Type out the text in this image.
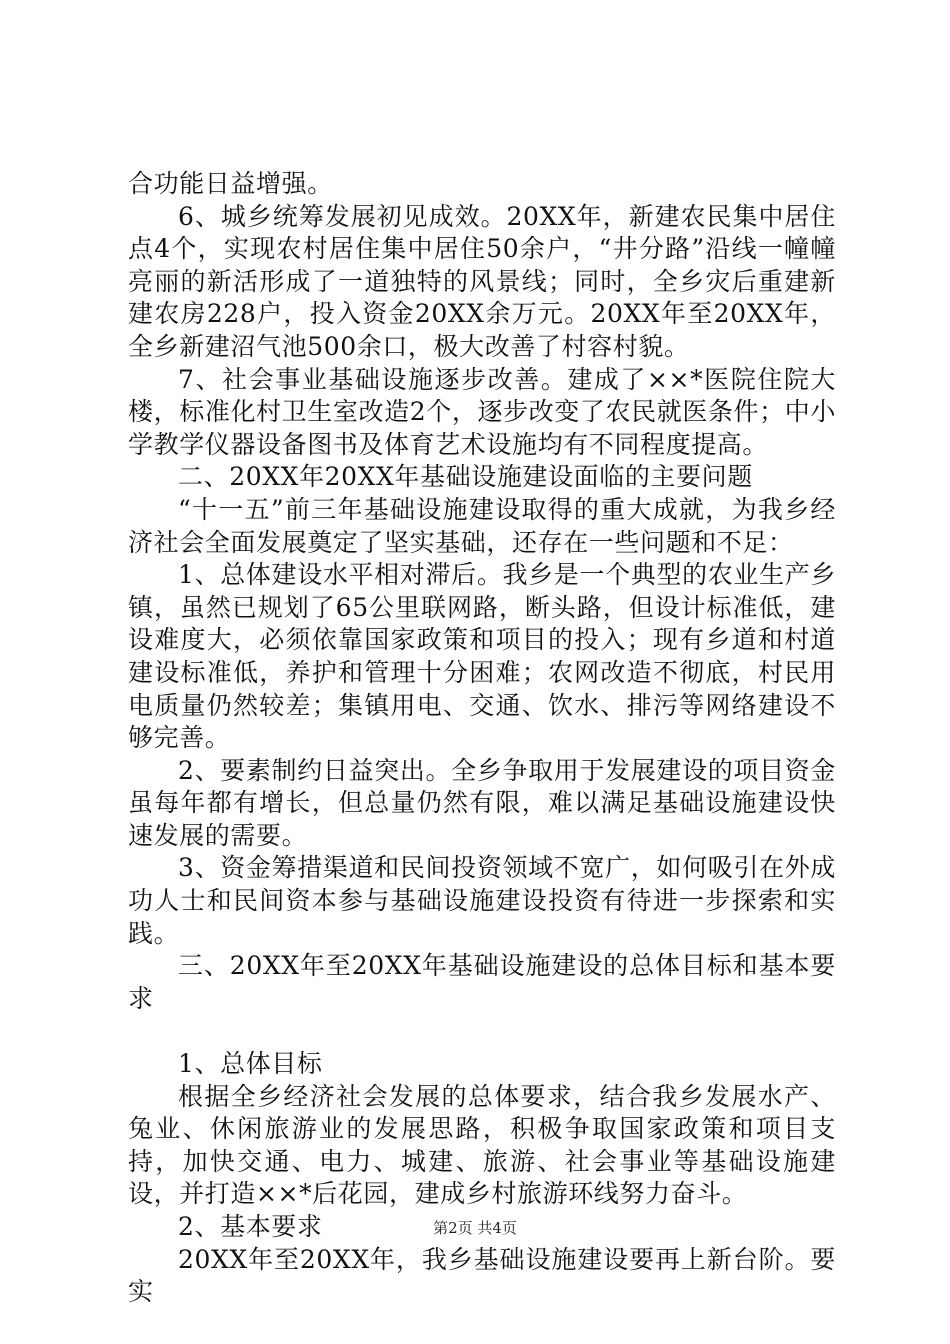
合功能日益增强。

6、城乡统筹发展初见成效。20XX年，新建农民集中居住点4个，实现农村居住集中居住50余户，“井分路”沿线一幢幢亮丽的新活形成了一道独特的风景线；同时，全乡灾后重建新建农房228户，投入资金20XX余万元。20XX年至20XX年，全乡新建沼气池500余口，极大改善了村容村貌。

7、社会事业基础设施逐步改善。建成了××*医院住院大楼，标准化村卫生室改造2个，逐步改变了农民就医条件；中小学教学仪器设备图书及体育艺术设施均有不同程度提高。

二、20XX年20XX年基础设施建设面临的主要问题

“十一五”前三年基础设施建设取得的重大成就，为我乡经济社会全面发展奠定了坚实基础，还存在一些问题和不足：

1、总体建设水平相对滞后。我乡是一个典型的农业生产乡镇，虽然已规划了65公里联网路，断头路，但设计标准低，建设难度大，必须依靠国家政策和项目的投入；现有乡道和村道建设标准低，养护和管理十分困难；农网改造不彻底，村民用电质量仍然较差；集镇用电、交通、饮水、排污等网络建设不够完善。

2、要素制约日益突出。全乡争取用于发展建设的项目资金虽每年都有增长，但总量仍然有限，难以满足基础设施建设快速发展的需要。

3、资金筹措渠道和民间投资领域不宽广，如何吸引在外成功人士和民间资本参与基础设施建设投资有待进一步探索和实践。

三、20XX年至20XX年基础设施建设的总体目标和基本要求

1、总体目标

根据全乡经济社会发展的总体要求，结合我乡发展水产、兔业、休闲旅游业的发展思路，积极争取国家政策和项目支持，加快交通、电力、城建、旅游、社会事业等基础设施建设，并打造××*后花园，建成乡村旅游环线努力奋斗。

2、基本要求

20XX年至20XX年，我乡基础设施建设要再上新台阶。要实

第2页 共4页
